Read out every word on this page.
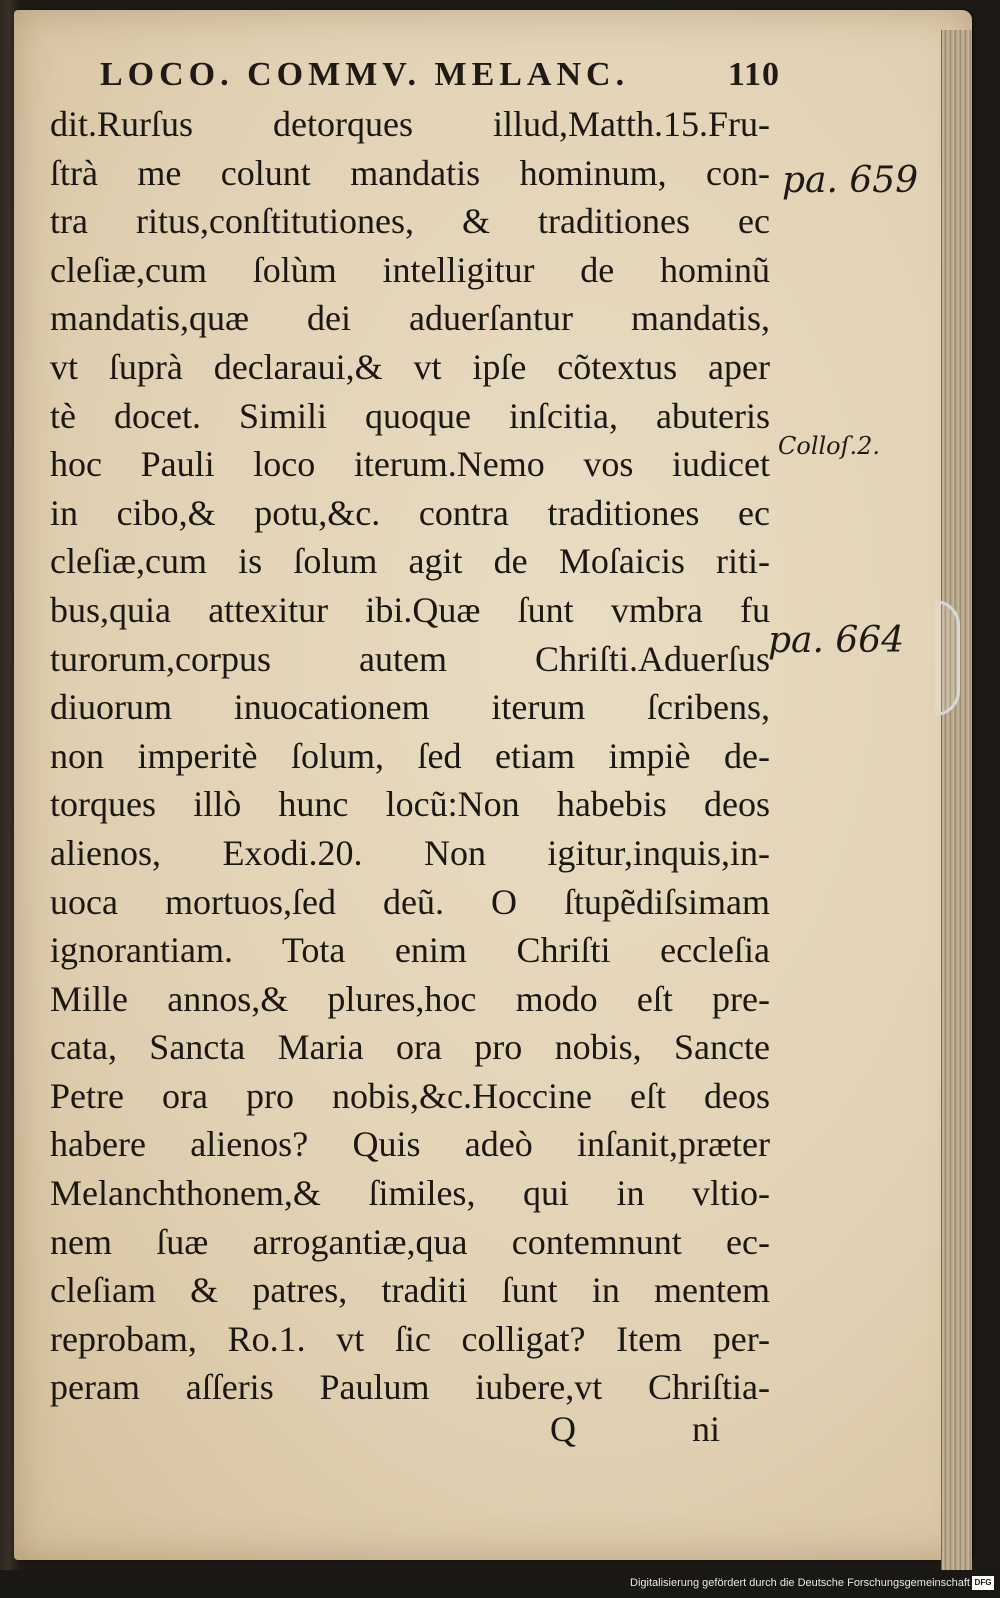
LOCO. COMMV. MELANC.	110
dit.Rurſus detorques illud,Matth.15.Fru-
ſtrà me colunt mandatis hominum, con-
tra ritus,conſtitutiones, & traditiones ec
cleſiæ,cum ſolùm intelligitur de hominũ
mandatis,quæ dei aduerſantur mandatis,
vt ſuprà declaraui,& vt ipſe cõtextus aper
tè docet. Simili quoque inſcitia, abuteris
hoc Pauli loco iterum.Nemo vos iudicet
in cibo,& potu,&c. contra traditiones ec
cleſiæ,cum is ſolum agit de Moſaicis riti-
bus,quia attexitur ibi.Quæ ſunt vmbra fu
turorum,corpus autem Chriſti.Aduerſus
diuorum inuocationem iterum ſcribens,
non imperitè ſolum, ſed etiam impiè de-
torques illò hunc locũ:Non habebis deos
alienos, Exodi.20. Non igitur,inquis,in-
uoca mortuos,ſed deũ. O ſtupẽdiſsimam
ignorantiam. Tota enim Chriſti eccleſia
Mille annos,& plures,hoc modo eſt pre-
cata, Sancta Maria ora pro nobis, Sancte
Petre ora pro nobis,&c.Hoccine eſt deos
habere alienos? Quis adeò inſanit,præter
Melanchthonem,& ſimiles, qui in vltio-
nem ſuæ arrogantiæ,qua contemnunt ec-
cleſiam & patres, traditi ſunt in mentem
reprobam, Ro.1. vt ſic colligat? Item per-
peram aſſeris Paulum iubere,vt Chriſtia-
Q	ni
pa. 659
Colloſ.2.
pa. 664
Digitalisierung gefördert durch die Deutsche Forschungsgemeinschaft DFG
